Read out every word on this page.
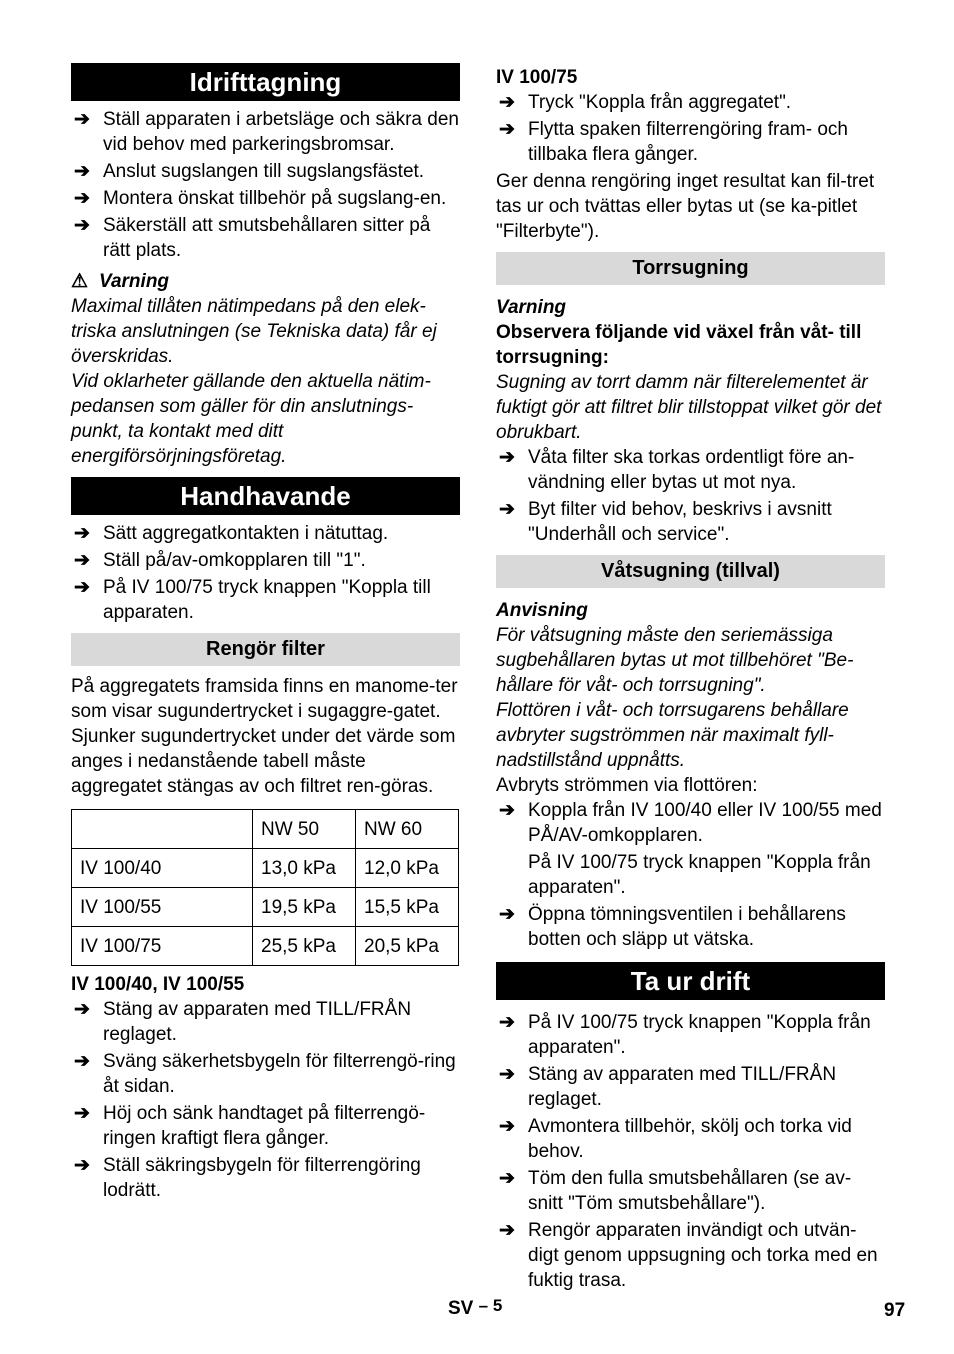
Idrifttagning
➔ Ställ apparaten i arbetsläge och säkra den vid behov med parkeringsbromsar.
➔ Anslut sugslangen till sugslangsfästet.
➔ Montera önskat tillbehör på sugslang-en.
➔ Säkerställ att smutsbehållaren sitter på rätt plats.
⚠ Varning
Maximal tillåten nätimpedans på den elek-triska anslutningen (se Tekniska data) får ej överskridas.
Vid oklarheter gällande den aktuella nätim-pedansen som gäller för din anslutnings-punkt, ta kontakt med ditt energiförsörjningsföretag.
Handhavande
➔ Sätt aggregatkontakten i nätuttag.
➔ Ställ på/av-omkopplaren till "1".
➔ På IV 100/75 tryck knappen "Koppla till apparaten.
Rengör filter
På aggregatets framsida finns en manome-ter som visar sugundertrycket i sugaggre-gatet. Sjunker sugundertrycket under det värde som anges i nedanstående tabell måste aggregatet stängas av och filtret ren-göras.
	NW 50	NW 60
IV 100/40	13,0 kPa	12,0 kPa
IV 100/55	19,5 kPa	15,5 kPa
IV 100/75	25,5 kPa	20,5 kPa
IV 100/40, IV 100/55
➔ Stäng av apparaten med TILL/FRÅN reglaget.
➔ Sväng säkerhetsbygeln för filterrengö-ring åt sidan.
➔ Höj och sänk handtaget på filterrengö-ringen kraftigt flera gånger.
➔ Ställ säkringsbygeln för filterrengöring lodrätt.
IV 100/75
➔ Tryck "Koppla från aggregatet".
➔ Flytta spaken filterrengöring fram- och tillbaka flera gånger.
Ger denna rengöring inget resultat kan fil-tret tas ur och tvättas eller bytas ut (se ka-pitlet "Filterbyte").
Torrsugning
Varning
Observera följande vid växel från våt- till torrsugning:
Sugning av torrt damm när filterelementet är fuktigt gör att filtret blir tillstoppat vilket gör det obrukbart.
➔ Våta filter ska torkas ordentligt före an-vändning eller bytas ut mot nya.
➔ Byt filter vid behov, beskrivs i avsnitt "Underhåll och service".
Våtsugning (tillval)
Anvisning
För våtsugning måste den seriemässiga sugbehållaren bytas ut mot tillbehöret "Be-hållare för våt- och torrsugning".
Flottören i våt- och torrsugarens behållare avbryter sugströmmen när maximalt fyll-nadstillstånd uppnåtts.
Avbryts strömmen via flottören:
➔ Koppla från IV 100/40 eller IV 100/55 med PÅ/AV-omkopplaren.
På IV 100/75 tryck knappen "Koppla från apparaten".
➔ Öppna tömningsventilen i behållarens botten och släpp ut vätska.
Ta ur drift
➔ På IV 100/75 tryck knappen "Koppla från apparaten".
➔ Stäng av apparaten med TILL/FRÅN reglaget.
➔ Avmontera tillbehör, skölj och torka vid behov.
➔ Töm den fulla smutsbehållaren (se av-snitt "Töm smutsbehållare").
➔ Rengör apparaten invändigt och utvän-digt genom uppsugning och torka med en fuktig trasa.
SV – 5	97
